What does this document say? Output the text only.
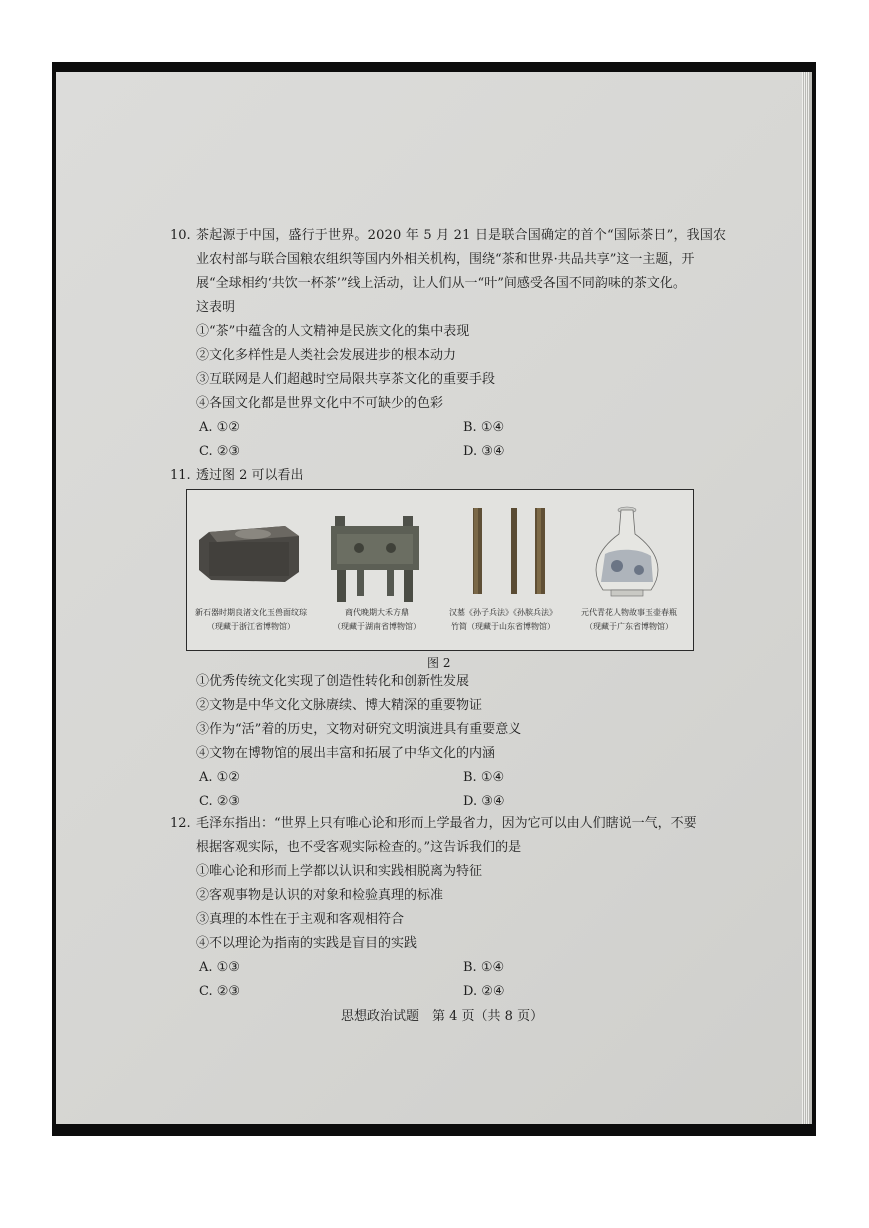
10. 茶起源于中国，盛行于世界。2020 年 5 月 21 日是联合国确定的首个“国际茶日”，我国农
业农村部与联合国粮农组织等国内外相关机构，围绕“茶和世界·共品共享”这一主题，开
展“全球相约‘共饮一杯茶’”线上活动，让人们从一“叶”间感受各国不同韵味的茶文化。
这表明
①“茶”中蕴含的人文精神是民族文化的集中表现
②文化多样性是人类社会发展进步的根本动力
③互联网是人们超越时空局限共享茶文化的重要手段
④各国文化都是世界文化中不可缺少的色彩
A. ①②	B. ①④
C. ②③	D. ③④
11. 透过图 2 可以看出
新石器时期良渚文化玉兽面纹琮
（现藏于浙江省博物馆）
商代晚期大禾方鼎
（现藏于湖南省博物馆）
汉墓《孙子兵法》《孙膑兵法》
竹简（现藏于山东省博物馆）
元代青花人物故事玉壶春瓶
（现藏于广东省博物馆）
图 2
①优秀传统文化实现了创造性转化和创新性发展
②文物是中华文化文脉赓续、博大精深的重要物证
③作为“活”着的历史，文物对研究文明演进具有重要意义
④文物在博物馆的展出丰富和拓展了中华文化的内涵
A. ①②	B. ①④
C. ②③	D. ③④
12. 毛泽东指出：“世界上只有唯心论和形而上学最省力，因为它可以由人们瞎说一气，不要
根据客观实际，也不受客观实际检查的。”这告诉我们的是
①唯心论和形而上学都以认识和实践相脱离为特征
②客观事物是认识的对象和检验真理的标准
③真理的本性在于主观和客观相符合
④不以理论为指南的实践是盲目的实践
A. ①③	B. ①④
C. ②③	D. ②④
思想政治试题　第 4 页（共 8 页）
